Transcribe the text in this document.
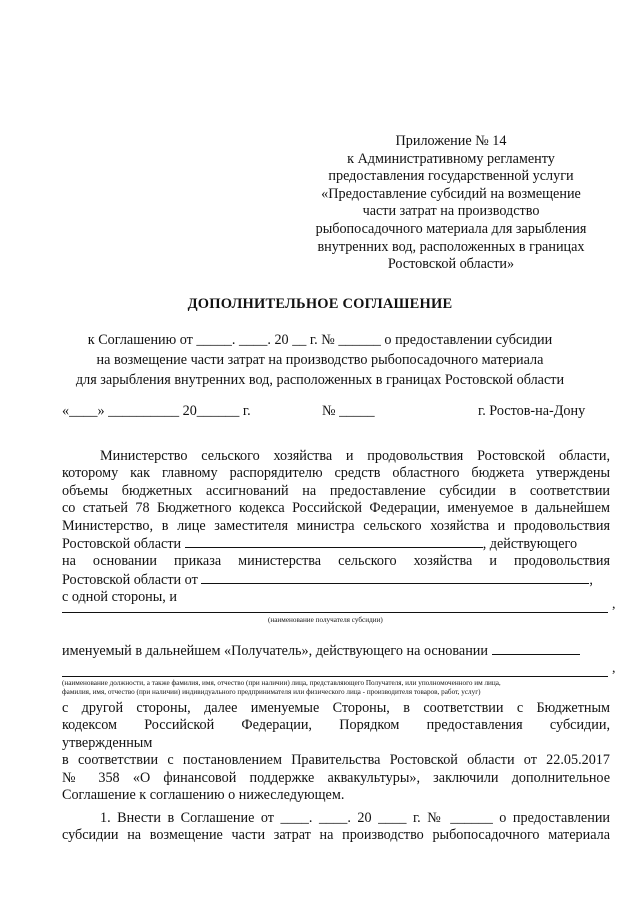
Приложение № 14
к Административному регламенту
предоставления государственной услуги
«Предоставление субсидий на возмещение
части затрат на производство
рыбопосадочного материала для зарыбления
внутренних вод, расположенных в границах
Ростовской области»
ДОПОЛНИТЕЛЬНОЕ СОГЛАШЕНИЕ
к Соглашению от _____. ____. 20 __ г. № ______ о предоставлении субсидии
на возмещение части затрат на производство рыбопосадочного материала
для зарыбления внутренних вод, расположенных в границах Ростовской области
«____» __________ 20______ г.	№ _____	г. Ростов-на-Дону
Министерство сельского хозяйства и продовольствия Ростовской области,
которому как главному распорядителю средств областного бюджета утверждены
объемы бюджетных ассигнований на предоставление субсидии в соответствии
со статьей 78 Бюджетного кодекса Российской Федерации, именуемое в дальнейшем
Министерство, в лице заместителя министра сельского хозяйства и продовольствия
Ростовской области	, действующего
на основании приказа министерства сельского хозяйства и продовольствия
Ростовской области от	,
с одной стороны, и	,
(наименование получателя субсидии)
именуемый в дальнейшем «Получатель», действующего на основании
,
(наименование должности, а также фамилия, имя, отчество (при наличии) лица, представляющего Получателя, или уполномоченного им лица,
фамилия, имя, отчество (при наличии) индивидуального предпринимателя или физического лица - производителя товаров, работ, услуг)
с другой стороны, далее именуемые Стороны, в соответствии с Бюджетным
кодексом Российской Федерации, Порядком предоставления субсидии,
утвержденным
в соответствии с постановлением Правительства Ростовской области от 22.05.2017
№ 358 «О финансовой поддержке аквакультуры», заключили дополнительное
Соглашение к соглашению о нижеследующем.
1. Внести в Соглашение от ____. ____. 20 ____ г. № ______ о предоставлении
субсидии на возмещение части затрат на производство рыбопосадочного материала
